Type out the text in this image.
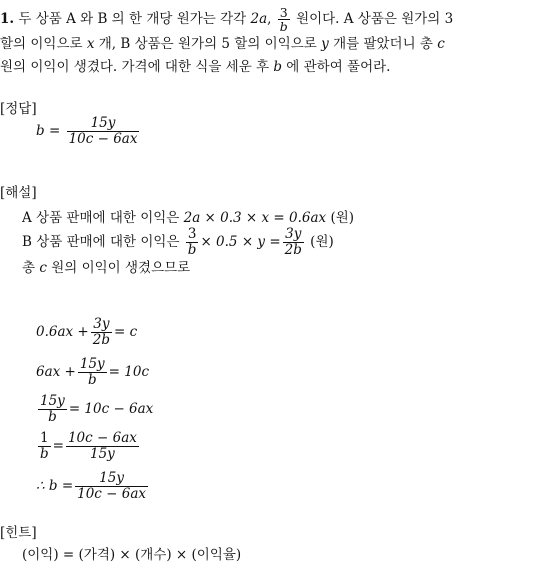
1. 두 상품 A 와 B 의 한 개당 원가는 각각 2a, $\frac{3}{b}$ 원이다. A 상품은 원가의 3
할의 이익으로 x 개, B 상품은 원가의 5 할의 이익으로 y 개를 팔았더니 총 c
원의 이익이 생겼다. 가격에 대한 식을 세운 후 b 에 관하여 풀어라.
[정답]
$b = \frac{15y}{10c - 6ax}$
[해설]
A 상품 판매에 대한 이익은 2a × 0.3 × x = 0.6ax (원)
B 상품 판매에 대한 이익은 $\frac{3}{b} \times 0.5 \times y = \frac{3y}{2b}$ (원)
총 c 원의 이익이 생겼으므로
$0.6ax + \frac{3y}{2b} = c$
$6ax + \frac{15y}{b} = 10c$
$\frac{15y}{b} = 10c - 6ax$
$\frac{1}{b} = \frac{10c - 6ax}{15y}$
∴ $b = \frac{15y}{10c - 6ax}$
[힌트]
(이익) = (가격) × (개수) × (이익율)
